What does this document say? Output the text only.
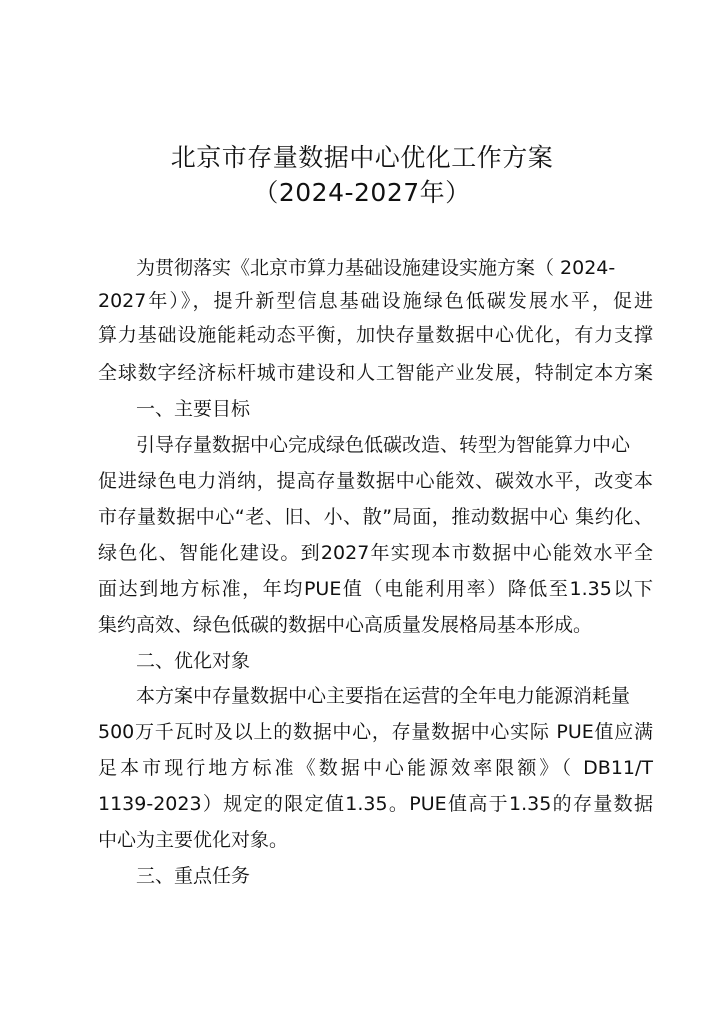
北京市存量数据中心优化工作方案
（2024-2027年）
为贯彻落实《北京市算力基础设施建设实施方案（ 2024-
2027年）》，提升新型信息基础设施绿色低碳发展水平，促进
算力基础设施能耗动态平衡，加快存量数据中心优化，有力支撑
全球数字经济标杆城市建设和人工智能产业发展，特制定本方案
一、主要目标
引导存量数据中心完成绿色低碳改造、转型为智能算力中心
促进绿色电力消纳，提高存量数据中心能效、碳效水平，改变本
市存量数据中心“老、旧、小、散”局面，推动数据中心 集约化、
绿色化、智能化建设。到2027年实现本市数据中心能效水平全
面达到地方标准，年均PUE值（电能利用率）降低至1.35以下
集约高效、绿色低碳的数据中心高质量发展格局基本形成。
二、优化对象
本方案中存量数据中心主要指在运营的全年电力能源消耗量
500万千瓦时及以上的数据中心，存量数据中心实际 PUE值应满
足本市现行地方标准《数据中心能源效率限额》（ DB11/T
1139-2023）规定的限定值1.35。PUE值高于1.35的存量数据
中心为主要优化对象。
三、重点任务
